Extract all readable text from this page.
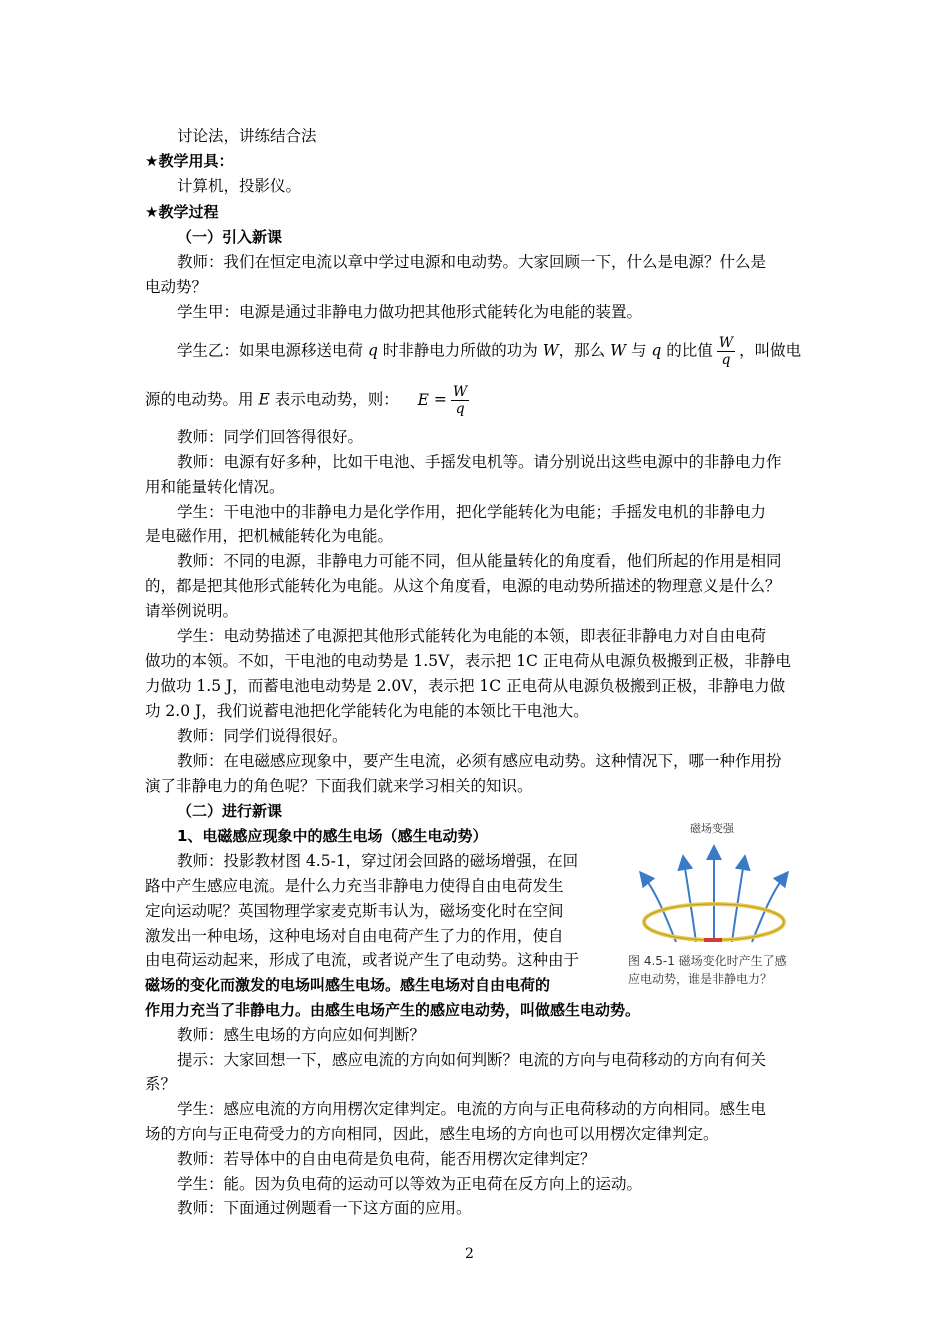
讨论法，讲练结合法
★教学用具：
计算机，投影仪。
★教学过程
（一）引入新课
教师：我们在恒定电流以章中学过电源和电动势。大家回顾一下，什么是电源？什么是
电动势？
学生甲：电源是通过非静电力做功把其他形式能转化为电能的装置。
学生乙：如果电源移送电荷 q 时非静电力所做的功为 W，那么 W 与 q 的比值 $\frac{W}{q}$ ，叫做电
源的电动势。用 E 表示电动势，则： $E = \frac{W}{q}$
教师：同学们回答得很好。
教师：电源有好多种，比如干电池、手摇发电机等。请分别说出这些电源中的非静电力作
用和能量转化情况。
学生：干电池中的非静电力是化学作用，把化学能转化为电能；手摇发电机的非静电力
是电磁作用，把机械能转化为电能。
教师：不同的电源，非静电力可能不同，但从能量转化的角度看，他们所起的作用是相同
的，都是把其他形式能转化为电能。从这个角度看，电源的电动势所描述的物理意义是什么？
请举例说明。
学生：电动势描述了电源把其他形式能转化为电能的本领，即表征非静电力对自由电荷
做功的本领。不如，干电池的电动势是 1.5V，表示把 1C 正电荷从电源负极搬到正极，非静电
力做功 1.5 J，而蓄电池电动势是 2.0V，表示把 1C 正电荷从电源负极搬到正极，非静电力做
功 2.0 J，我们说蓄电池把化学能转化为电能的本领比干电池大。
教师：同学们说得很好。
教师：在电磁感应现象中，要产生电流，必须有感应电动势。这种情况下，哪一种作用扮
演了非静电力的角色呢？下面我们就来学习相关的知识。
（二）进行新课
1、电磁感应现象中的感生电场（感生电动势）
教师：投影教材图 4.5-1，穿过闭会回路的磁场增强，在回
路中产生感应电流。是什么力充当非静电力使得自由电荷发生
定向运动呢？英国物理学家麦克斯韦认为，磁场变化时在空间
激发出一种电场，这种电场对自由电荷产生了力的作用，使自
由电荷运动起来，形成了电流，或者说产生了电动势。这种由于
磁场的变化而激发的电场叫感生电场。感生电场对自由电荷的
作用力充当了非静电力。由感生电场产生的感应电动势，叫做感生电动势。
磁场变强
图 4.5-1 磁场变化时产生了感
应电动势，谁是非静电力？
教师：感生电场的方向应如何判断？
提示：大家回想一下，感应电流的方向如何判断？电流的方向与电荷移动的方向有何关
系？
学生：感应电流的方向用楞次定律判定。电流的方向与正电荷移动的方向相同。感生电
场的方向与正电荷受力的方向相同，因此，感生电场的方向也可以用楞次定律判定。
教师：若导体中的自由电荷是负电荷，能否用楞次定律判定？
学生：能。因为负电荷的运动可以等效为正电荷在反方向上的运动。
教师：下面通过例题看一下这方面的应用。
2
